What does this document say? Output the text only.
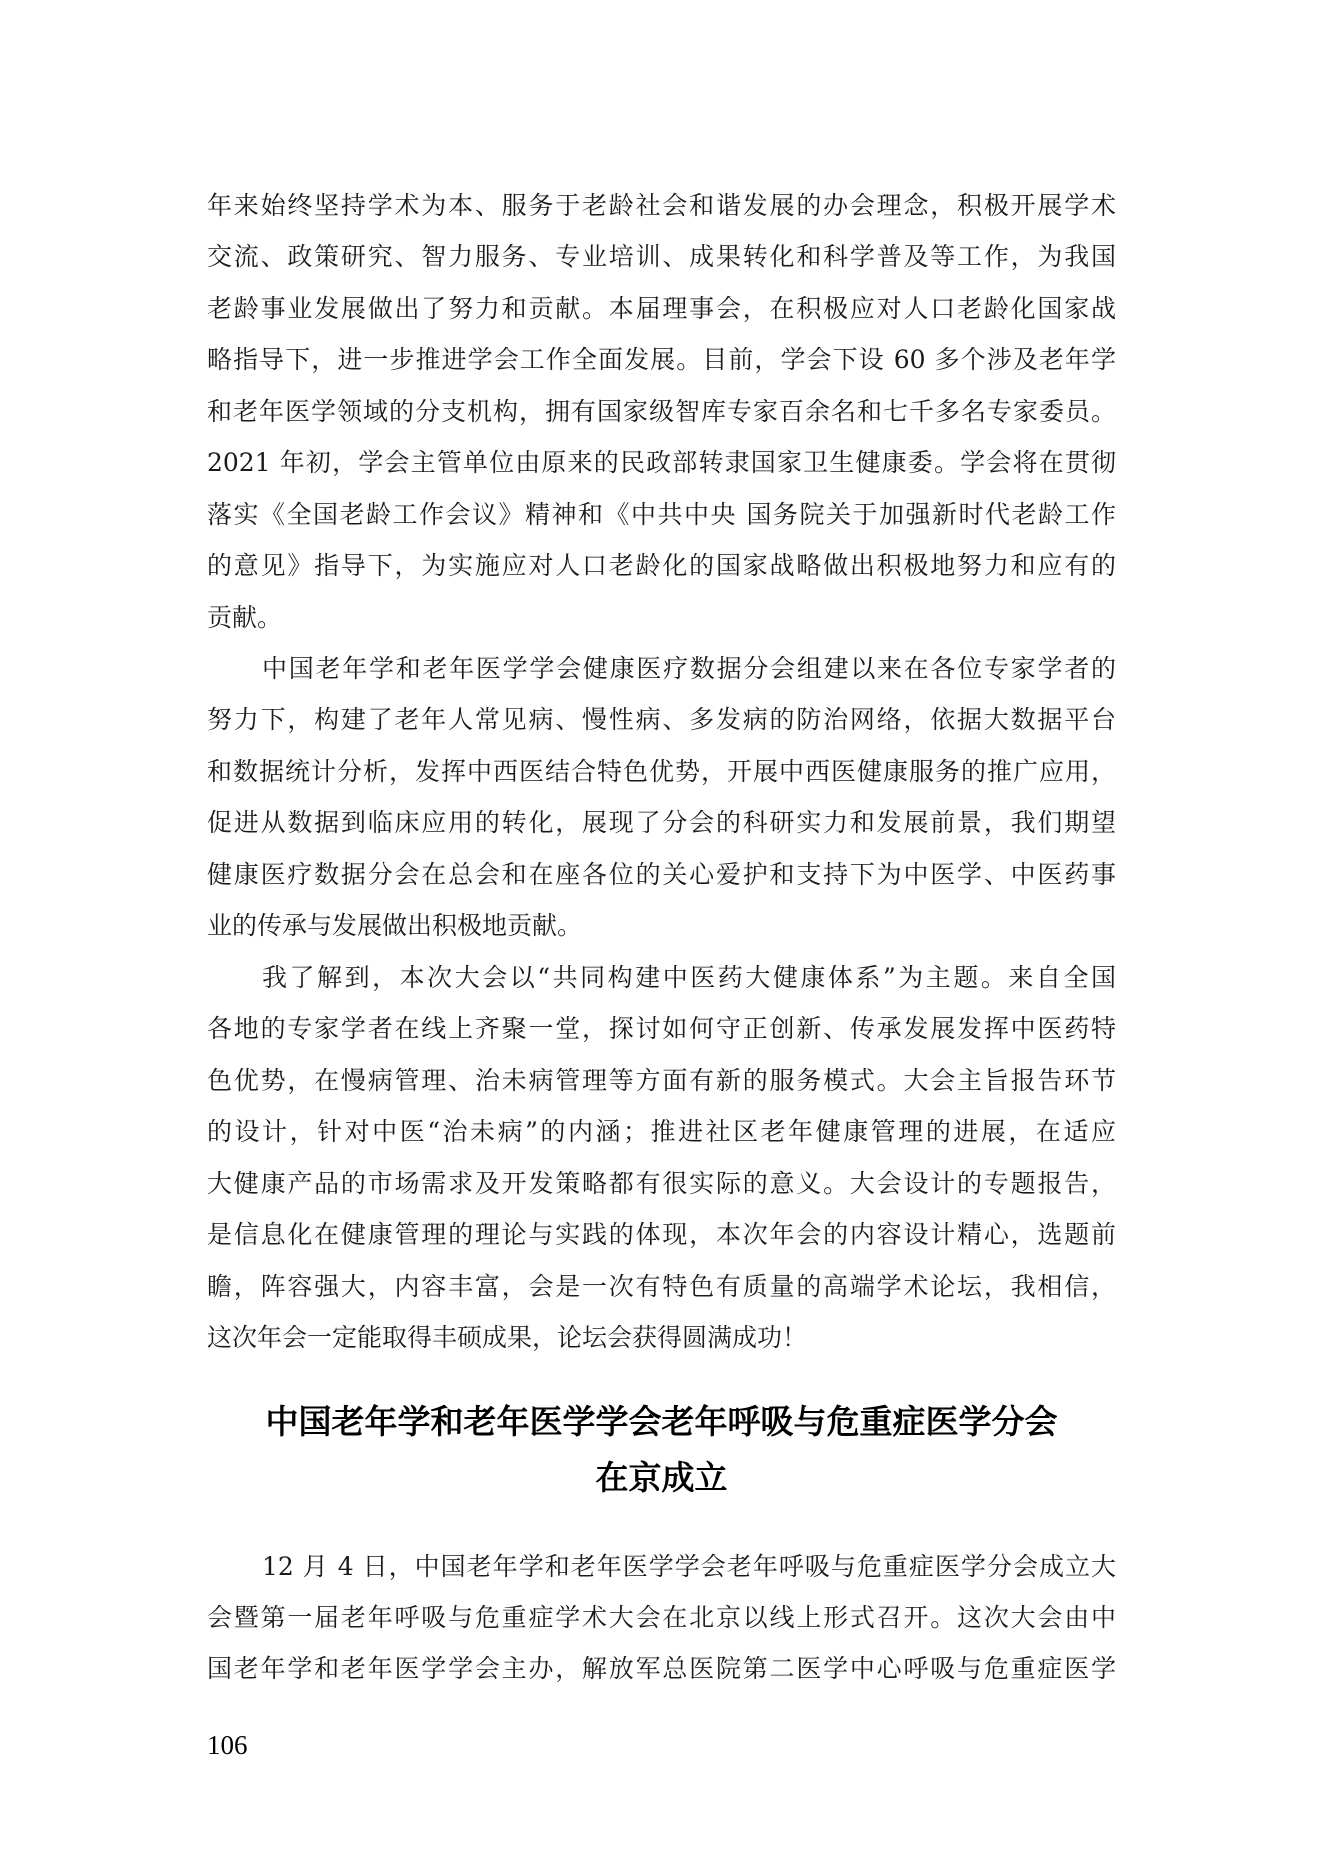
年来始终坚持学术为本、服务于老龄社会和谐发展的办会理念，积极开展学术
交流、政策研究、智力服务、专业培训、成果转化和科学普及等工作，为我国
老龄事业发展做出了努力和贡献。本届理事会，在积极应对人口老龄化国家战
略指导下，进一步推进学会工作全面发展。目前，学会下设 60 多个涉及老年学
和老年医学领域的分支机构，拥有国家级智库专家百余名和七千多名专家委员。
2021 年初，学会主管单位由原来的民政部转隶国家卫生健康委。学会将在贯彻
落实《全国老龄工作会议》精神和《中共中央 国务院关于加强新时代老龄工作
的意见》指导下，为实施应对人口老龄化的国家战略做出积极地努力和应有的
贡献。
中国老年学和老年医学学会健康医疗数据分会组建以来在各位专家学者的
努力下，构建了老年人常见病、慢性病、多发病的防治网络，依据大数据平台
和数据统计分析，发挥中西医结合特色优势，开展中西医健康服务的推广应用，
促进从数据到临床应用的转化，展现了分会的科研实力和发展前景，我们期望
健康医疗数据分会在总会和在座各位的关心爱护和支持下为中医学、中医药事
业的传承与发展做出积极地贡献。
我了解到，本次大会以“共同构建中医药大健康体系”为主题。来自全国
各地的专家学者在线上齐聚一堂，探讨如何守正创新、传承发展发挥中医药特
色优势，在慢病管理、治未病管理等方面有新的服务模式。大会主旨报告环节
的设计，针对中医“治未病”的内涵；推进社区老年健康管理的进展，在适应
大健康产品的市场需求及开发策略都有很实际的意义。大会设计的专题报告，
是信息化在健康管理的理论与实践的体现，本次年会的内容设计精心，选题前
瞻，阵容强大，内容丰富，会是一次有特色有质量的高端学术论坛，我相信，
这次年会一定能取得丰硕成果，论坛会获得圆满成功！
中国老年学和老年医学学会老年呼吸与危重症医学分会
在京成立
12 月 4 日，中国老年学和老年医学学会老年呼吸与危重症医学分会成立大
会暨第一届老年呼吸与危重症学术大会在北京以线上形式召开。这次大会由中
国老年学和老年医学学会主办，解放军总医院第二医学中心呼吸与危重症医学
106
